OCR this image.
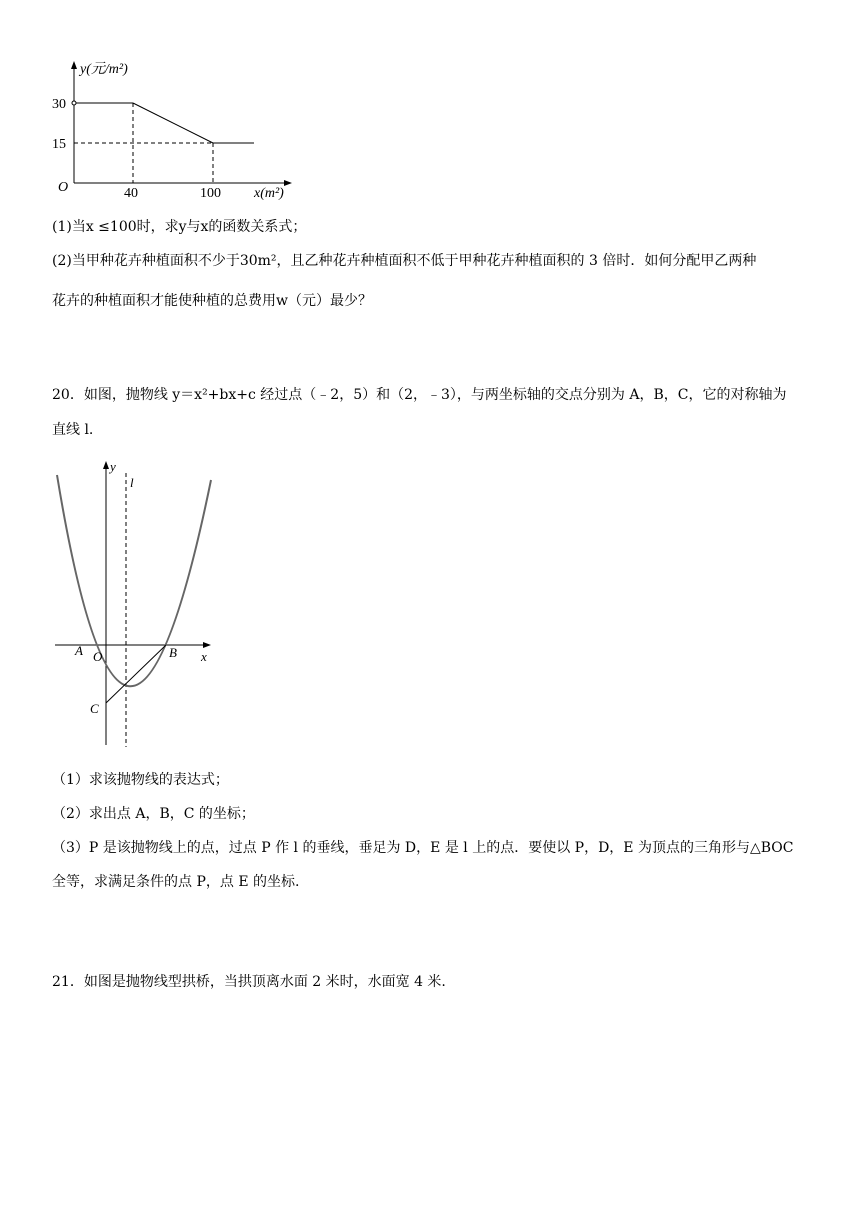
y(元/m²)
30
15
O	40	100 x(m²)
(1)当x ≤100时，求y与x的函数关系式；
(2)当甲种花卉种植面积不少于30m²，且乙种花卉种植面积不低于甲种花卉种植面积的 3 倍时．如何分配甲乙两种
花卉的种植面积才能使种植的总费用w（元）最少？
20．如图，抛物线 y＝x²+bx+c 经过点（﹣2，5）和（2，﹣3），与两坐标轴的交点分别为 A，B，C，它的对称轴为
直线 l.
y
l
A O	B x
C
（1）求该抛物线的表达式；
（2）求出点 A，B，C 的坐标；
（3）P 是该抛物线上的点，过点 P 作 l 的垂线，垂足为 D，E 是 l 上的点．要使以 P，D，E 为顶点的三角形与△BOC
全等，求满足条件的点 P，点 E 的坐标.
21．如图是抛物线型拱桥，当拱顶离水面 2 米时，水面宽 4 米.
